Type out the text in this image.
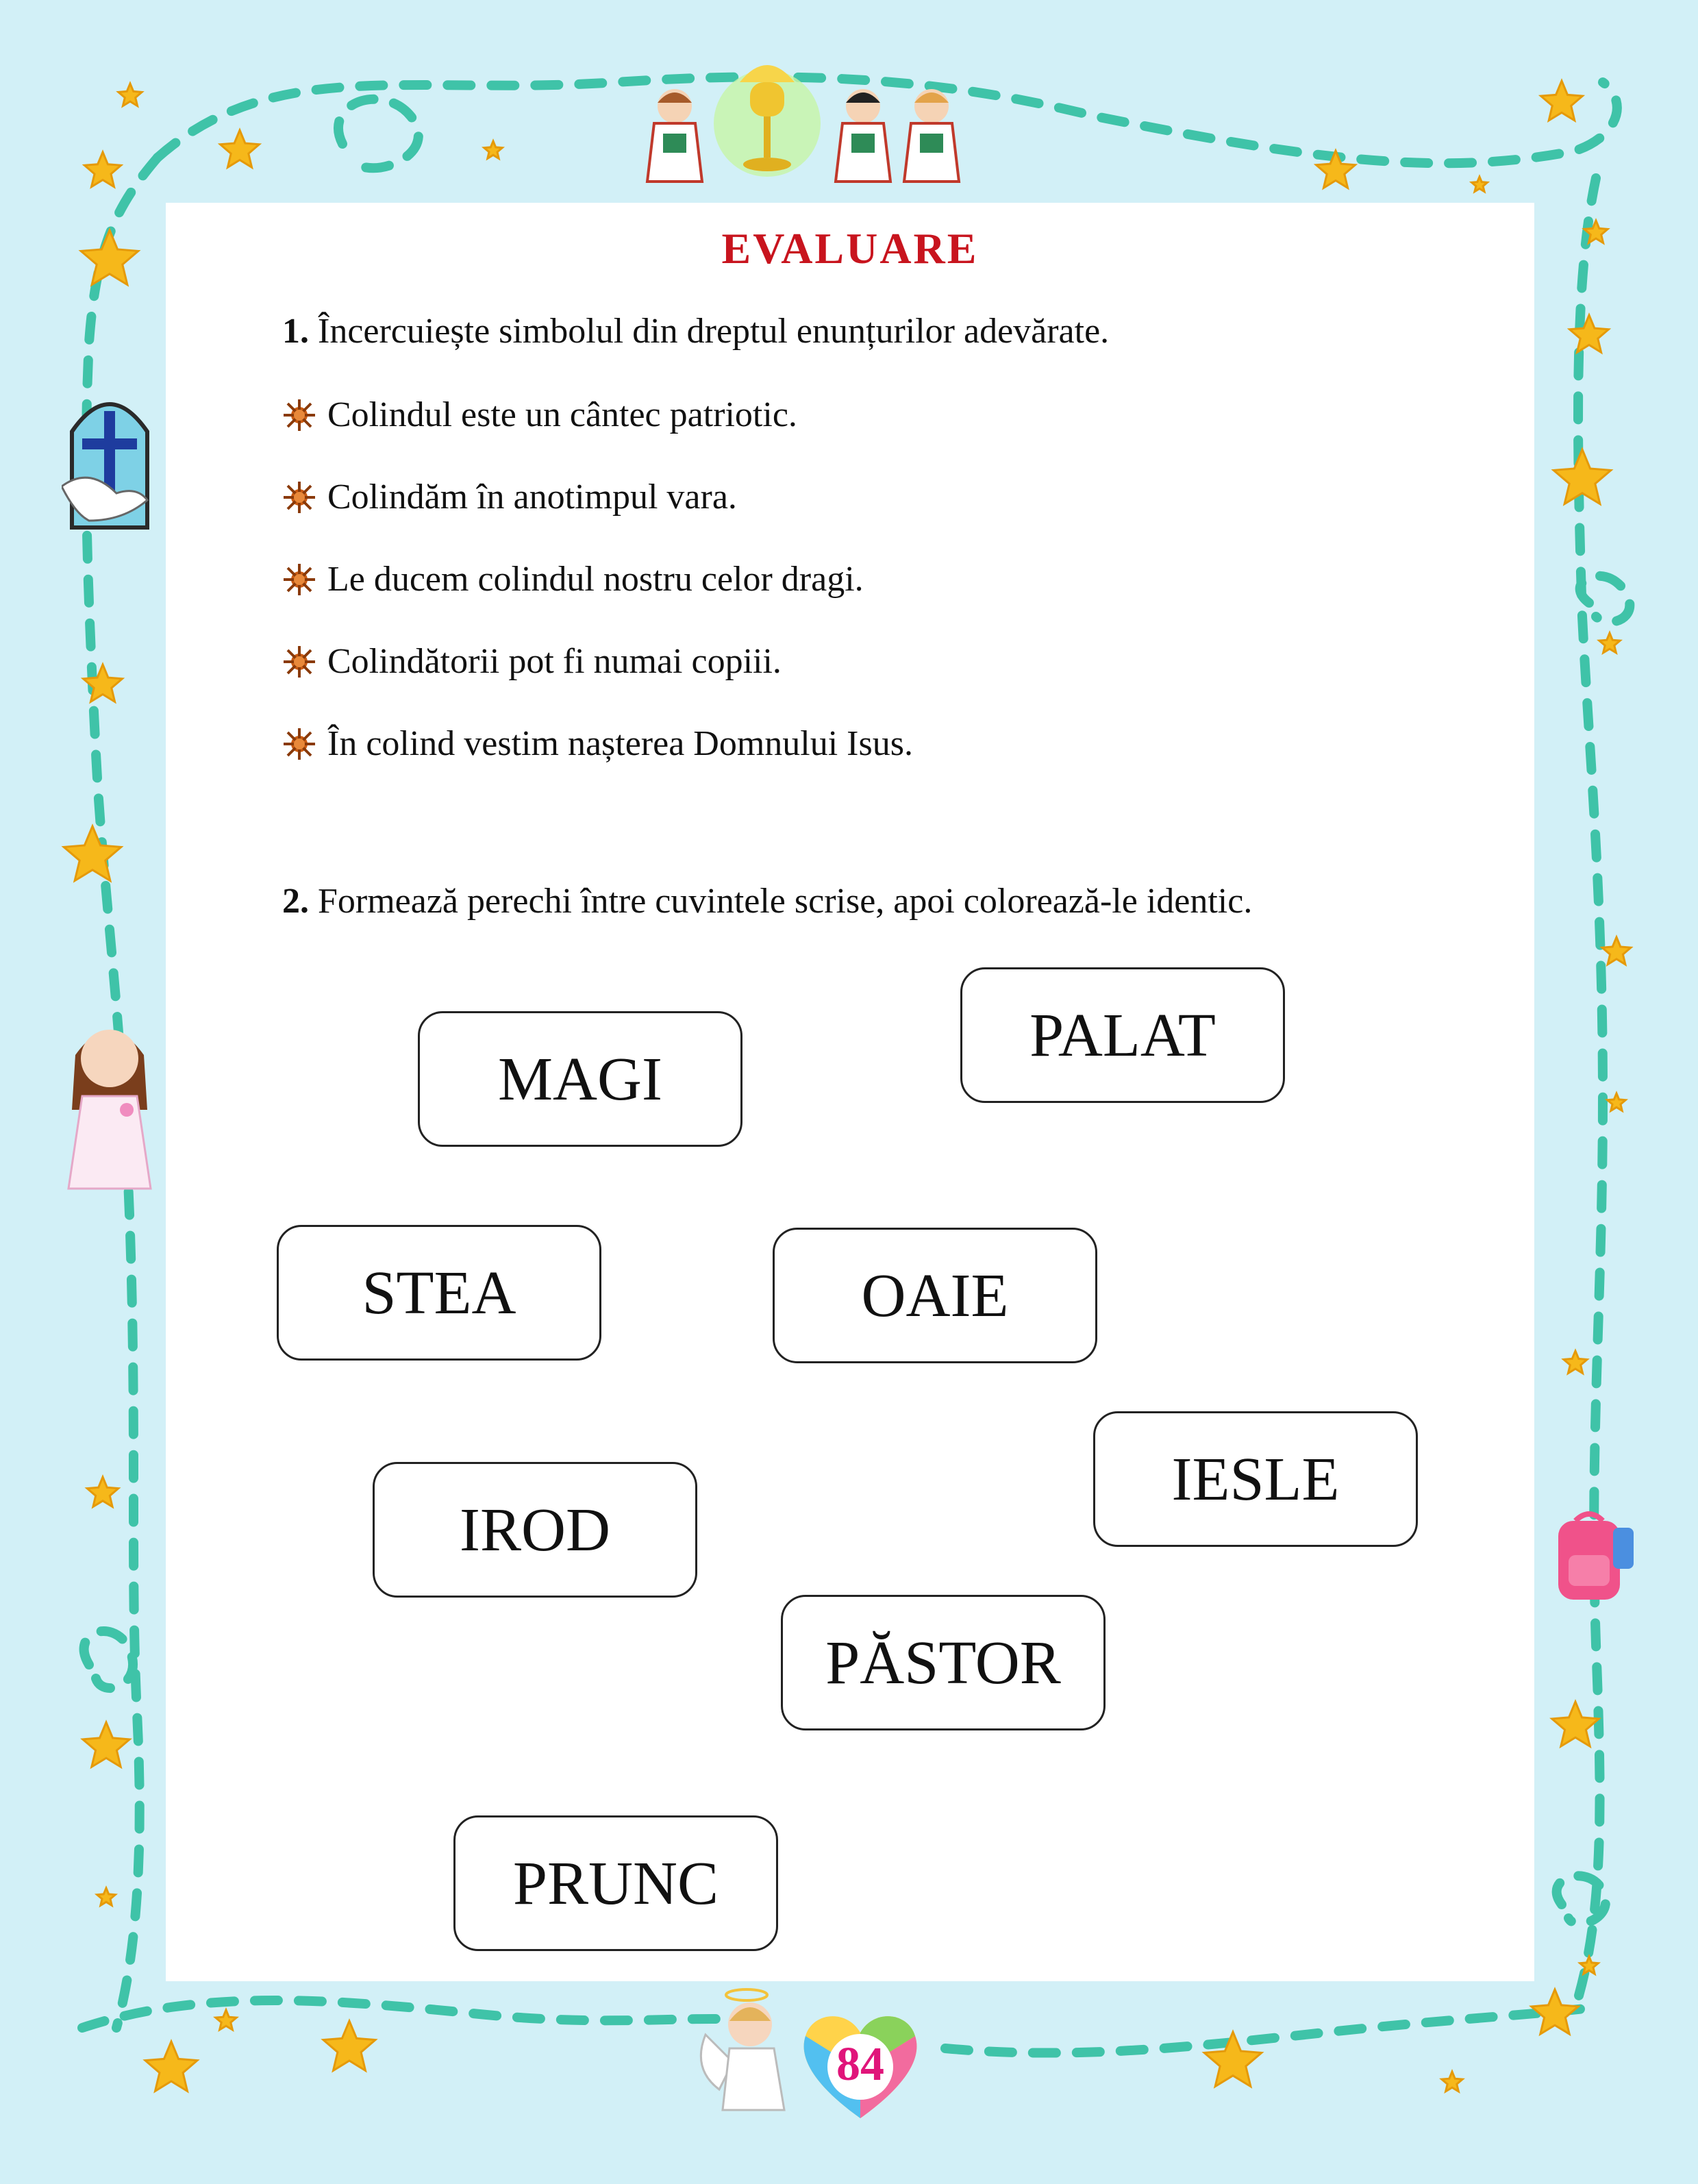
84
EVALUARE
1. Încercuiește simbolul din dreptul enunțurilor adevărate.
Colindul este un cântec patriotic.
Colindăm în anotimpul vara.
Le ducem colindul nostru celor dragi.
Colindătorii pot fi numai copiii.
În colind vestim nașterea Domnului Isus.
2. Formează perechi între cuvintele scrise, apoi colorează-le identic.
MAGI
PALAT
STEA	OAIE
IESLE
IROD
PĂSTOR
PRUNC
